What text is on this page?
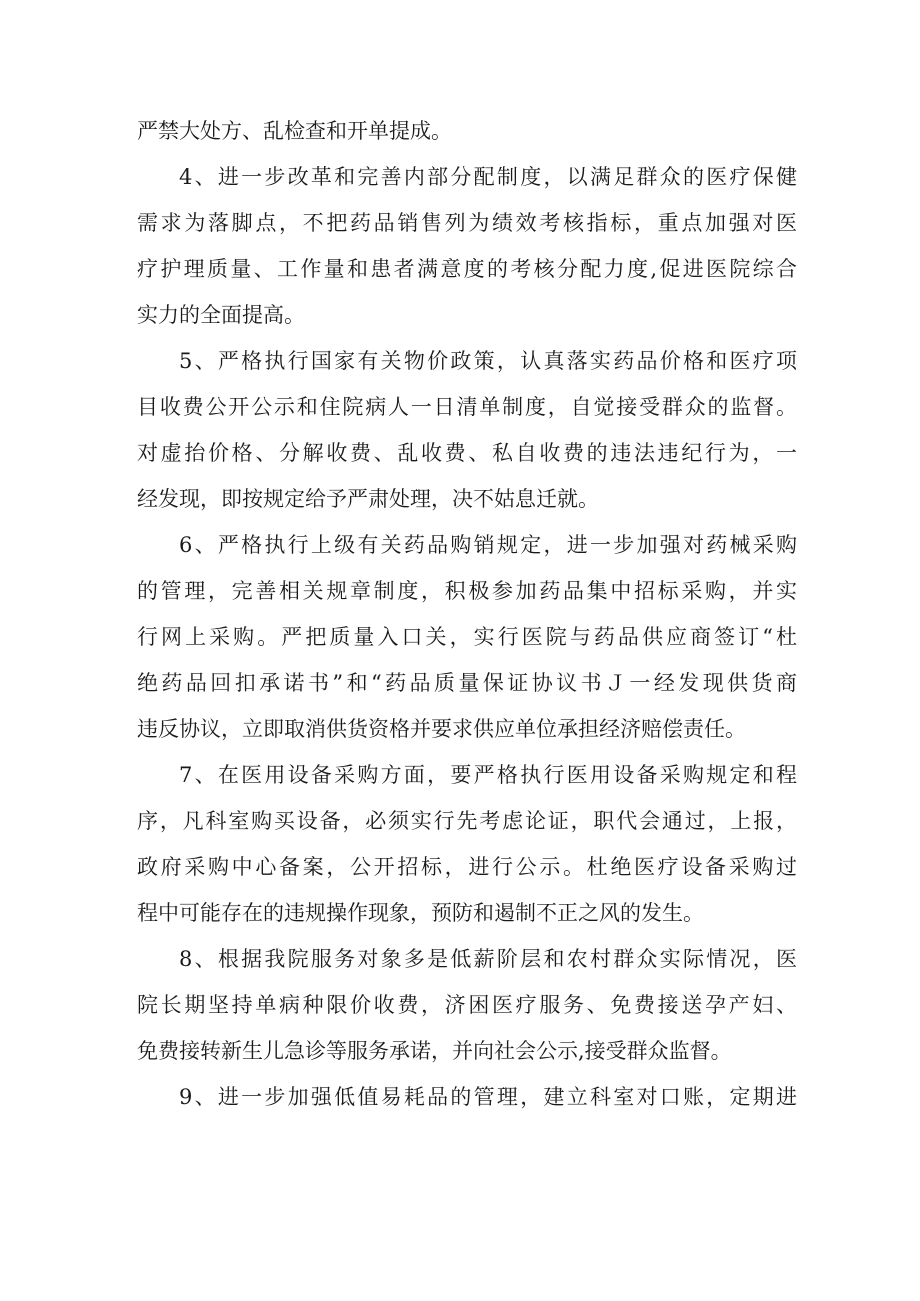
严禁大处方、乱检查和开单提成。
4、进一步改革和完善内部分配制度，以满足群众的医疗保健
需求为落脚点，不把药品销售列为绩效考核指标，重点加强对医
疗护理质量、工作量和患者满意度的考核分配力度,促进医院综合
实力的全面提高。
5、严格执行国家有关物价政策，认真落实药品价格和医疗项
目收费公开公示和住院病人一日清单制度，自觉接受群众的监督。
对虚抬价格、分解收费、乱收费、私自收费的违法违纪行为，一
经发现，即按规定给予严肃处理，决不姑息迁就。
6、严格执行上级有关药品购销规定，进一步加强对药械采购
的管理，完善相关规章制度，积极参加药品集中招标采购，并实
行网上采购。严把质量入口关，实行医院与药品供应商签订“杜
绝药品回扣承诺书”和“药品质量保证协议书Ｊ一经发现供货商
违反协议，立即取消供货资格并要求供应单位承担经济赔偿责任。
7、在医用设备采购方面，要严格执行医用设备采购规定和程
序，凡科室购买设备，必须实行先考虑论证，职代会通过，上报，
政府采购中心备案，公开招标，进行公示。杜绝医疗设备采购过
程中可能存在的违规操作现象，预防和遏制不正之风的发生。
8、根据我院服务对象多是低薪阶层和农村群众实际情况，医
院长期坚持单病种限价收费，济困医疗服务、免费接送孕产妇、
免费接转新生儿急诊等服务承诺，并向社会公示,接受群众监督。
9、进一步加强低值易耗品的管理，建立科室对口账，定期进
